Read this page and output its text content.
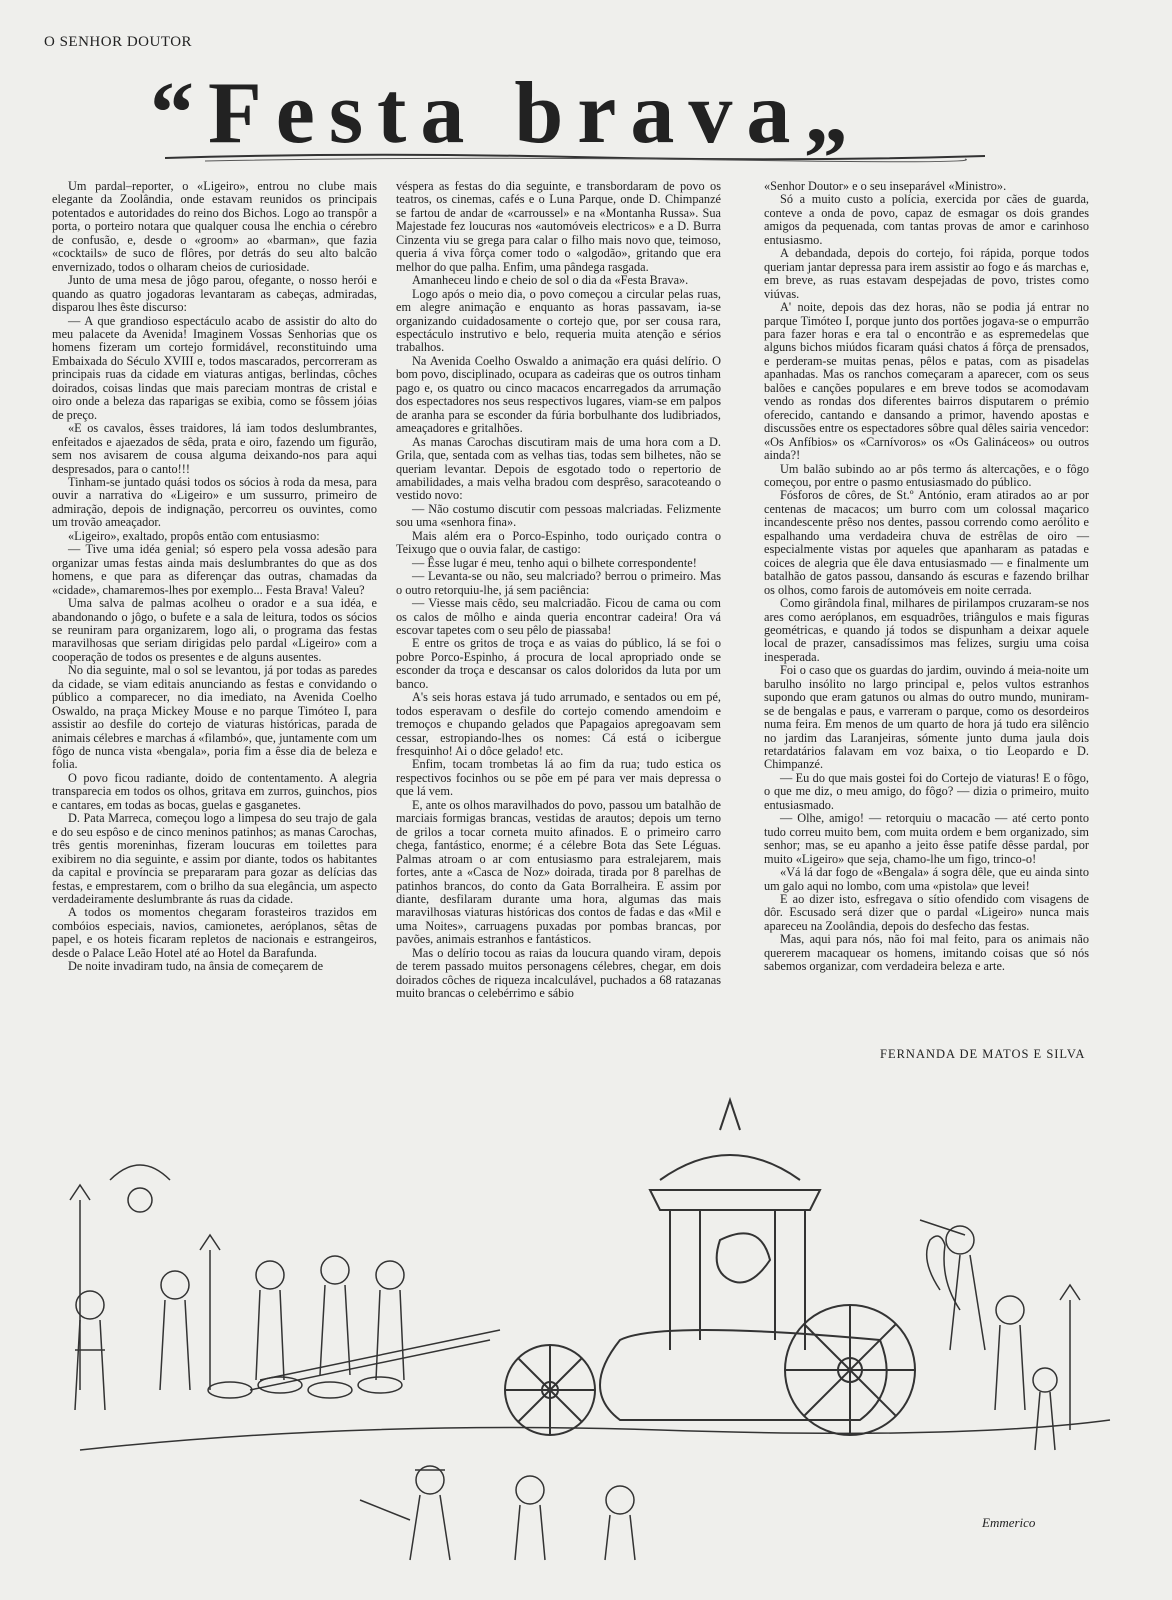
O SENHOR DOUTOR
“Festa brava„

Um pardal–reporter, o «Ligeiro», entrou no clube mais elegante da Zoolândia, onde estavam reunidos os principais potentados e autoridades do reino dos Bichos. Logo ao transpôr a porta, o porteiro notara que qualquer cousa lhe enchia o cérebro de confusão, e, desde o «groom» ao «barman», que fazia «cocktails» de suco de flôres, por detrás do seu alto balcão envernizado, todos o olharam cheios de curiosidade.

Junto de uma mesa de jôgo parou, ofegante, o nosso herói e quando as quatro jogadoras levantaram as cabeças, admiradas, disparou lhes êste discurso:

— A que grandioso espectáculo acabo de assistir do alto do meu palacete da Avenida! Imaginem Vossas Senhorias que os homens fizeram um cortejo formidável, reconstituindo uma Embaixada do Século XVIII e, todos mascarados, percorreram as principais ruas da cidade em viaturas antigas, berlindas, côches doirados, coisas lindas que mais pareciam montras de cristal e oiro onde a beleza das raparigas se exibia, como se fôssem jóias de preço.

«E os cavalos, êsses traidores, lá iam todos deslumbrantes, enfeitados e ajaezados de sêda, prata e oiro, fazendo um figurão, sem nos avisarem de cousa alguma deixando-nos para aqui despresados, para o canto!!!

Tinham-se juntado quási todos os sócios à roda da mesa, para ouvir a narrativa do «Ligeiro» e um sussurro, primeiro de admiração, depois de indignação, percorreu os ouvintes, como um trovão ameaçador.

«Ligeiro», exaltado, propôs então com entusiasmo:

— Tive uma idéa genial; só espero pela vossa adesão para organizar umas festas ainda mais deslumbrantes do que as dos homens, e que para as diferençar das outras, chamadas da «cidade», chamaremos-lhes por exemplo... Festa Brava! Valeu?

Uma salva de palmas acolheu o orador e a sua idéa, e abandonando o jôgo, o bufete e a sala de leitura, todos os sócios se reuniram para organizarem, logo ali, o programa das festas maravilhosas que seriam dirigidas pelo pardal «Ligeiro» com a cooperação de todos os presentes e de alguns ausentes.

No dia seguinte, mal o sol se levantou, já por todas as paredes da cidade, se viam editais anunciando as festas e convidando o público a comparecer, no dia imediato, na Avenida Coelho Oswaldo, na praça Mickey Mouse e no parque Timóteo I, para assistir ao desfile do cortejo de viaturas históricas, parada de animais célebres e marchas á «filambó», que, juntamente com um fôgo de nunca vista «bengala», poria fim a êsse dia de beleza e folia.

O povo ficou radiante, doido de contentamento. A alegria transparecia em todos os olhos, gritava em zurros, guinchos, pios e cantares, em todas as bocas, guelas e gasganetes.

D. Pata Marreca, começou logo a limpesa do seu trajo de gala e do seu espôso e de cinco meninos patinhos; as manas Carochas, três gentis moreninhas, fizeram loucuras em toilettes para exibirem no dia seguinte, e assim por diante, todos os habitantes da capital e província se prepararam para gozar as delícias das festas, e emprestarem, com o brilho da sua elegância, um aspecto verdadeiramente deslumbrante ás ruas da cidade.

A todos os momentos chegaram forasteiros trazidos em combóios especiais, navios, camionetes, aeróplanos, sêtas de papel, e os hoteis ficaram repletos de nacionais e estrangeiros, desde o Palace Leão Hotel até ao Hotel da Barafunda.

De noite invadiram tudo, na ânsia de começarem de

véspera as festas do dia seguinte, e transbordaram de povo os teatros, os cinemas, cafés e o Luna Parque, onde D. Chimpanzé se fartou de andar de «carroussel» e na «Montanha Russa». Sua Majestade fez loucuras nos «automóveis electricos» e a D. Burra Cinzenta viu se grega para calar o filho mais novo que, teimoso, queria á viva fôrça comer todo o «algodão», gritando que era melhor do que palha. Enfim, uma pândega rasgada.

Amanheceu lindo e cheio de sol o dia da «Festa Brava».

Logo após o meio dia, o povo começou a circular pelas ruas, em alegre animação e enquanto as horas passavam, ia-se organizando cuidadosamente o cortejo que, por ser cousa rara, espectáculo instrutivo e belo, requeria muita atenção e sérios trabalhos.

Na Avenida Coelho Oswaldo a animação era quási delírio. O bom povo, disciplinado, ocupara as cadeiras que os outros tinham pago e, os quatro ou cinco macacos encarregados da arrumação dos espectadores nos seus respectivos lugares, viam-se em palpos de aranha para se esconder da fúria borbulhante dos ludibriados, ameaçadores e gritalhões.

As manas Carochas discutiram mais de uma hora com a D. Grila, que, sentada com as velhas tias, todas sem bilhetes, não se queriam levantar. Depois de esgotado todo o repertorio de amabilidades, a mais velha bradou com desprêso, saracoteando o vestido novo:

— Não costumo discutir com pessoas malcriadas. Felizmente sou uma «senhora fina».

Mais além era o Porco-Espinho, todo ouriçado contra o Teixugo que o ouvia falar, de castigo:

— Êsse lugar é meu, tenho aqui o bilhete correspondente!

— Levanta-se ou não, seu malcriado? berrou o primeiro. Mas o outro retorquiu-lhe, já sem paciência:

— Viesse mais cêdo, seu malcriadão. Ficou de cama ou com os calos de môlho e ainda queria encontrar cadeira! Ora vá escovar tapetes com o seu pêlo de piassaba!

E entre os gritos de troça e as vaias do público, lá se foi o pobre Porco-Espinho, á procura de local apropriado onde se esconder da troça e descansar os calos doloridos da luta por um banco.

A's seis horas estava já tudo arrumado, e sentados ou em pé, todos esperavam o desfile do cortejo comendo amendoim e tremoços e chupando gelados que Papagaios apregoavam sem cessar, estropiando-lhes os nomes: Cá está o icibergue fresquinho! Ai o dôce gelado! etc.

Enfim, tocam trombetas lá ao fim da rua; tudo estica os respectivos focinhos ou se põe em pé para ver mais depressa o que lá vem.

E, ante os olhos maravilhados do povo, passou um batalhão de marciais formigas brancas, vestidas de arautos; depois um terno de grilos a tocar corneta muito afinados. E o primeiro carro chega, fantástico, enorme; é a célebre Bota das Sete Léguas. Palmas atroam o ar com entusiasmo para estralejarem, mais fortes, ante a «Casca de Noz» doirada, tirada por 8 parelhas de patinhos brancos, do conto da Gata Borralheira. E assim por diante, desfilaram durante uma hora, algumas das mais maravilhosas viaturas históricas dos contos de fadas e das «Mil e uma Noites», carruagens puxadas por pombas brancas, por pavões, animais estranhos e fantásticos.

Mas o delírio tocou as raias da loucura quando viram, depois de terem passado muitos personagens célebres, chegar, em dois doirados côches de riqueza incalculável, puchados a 68 ratazanas muito brancas o celebérrimo e sábio

«Senhor Doutor» e o seu inseparável «Ministro».

Só a muito custo a polícia, exercida por cães de guarda, conteve a onda de povo, capaz de esmagar os dois grandes amigos da pequenada, com tantas provas de amor e carinhoso entusiasmo.

A debandada, depois do cortejo, foi rápida, porque todos queriam jantar depressa para irem assistir ao fogo e ás marchas e, em breve, as ruas estavam despejadas de povo, tristes como viúvas.

A' noite, depois das dez horas, não se podia já entrar no parque Timóteo I, porque junto dos portões jogava-se o empurrão para fazer horas e era tal o encontrão e as espremedelas que alguns bichos miúdos ficaram quási chatos á fôrça de prensados, e perderam-se muitas penas, pêlos e patas, com as pisadelas apanhadas. Mas os ranchos começaram a aparecer, com os seus balões e canções populares e em breve todos se acomodavam vendo as rondas dos diferentes bairros disputarem o prémio oferecido, cantando e dansando a primor, havendo apostas e discussões entre os espectadores sôbre qual dêles sairia vencedor: «Os Anfíbios» os «Carnívoros» os «Os Galináceos» ou outros ainda?!

Um balão subindo ao ar pôs termo ás altercações, e o fôgo começou, por entre o pasmo entusiasmado do público.

Fósforos de côres, de St.º António, eram atirados ao ar por centenas de macacos; um burro com um colossal maçarico incandescente prêso nos dentes, passou correndo como aerólito e espalhando uma verdadeira chuva de estrêlas de oiro — especialmente vistas por aqueles que apanharam as patadas e coices de alegria que êle dava entusiasmado — e finalmente um batalhão de gatos passou, dansando ás escuras e fazendo brilhar os olhos, como farois de automóveis em noite cerrada.

Como girândola final, milhares de pirilampos cruzaram-se nos ares como aeróplanos, em esquadrões, triângulos e mais figuras geométricas, e quando já todos se dispunham a deixar aquele local de prazer, cansadíssimos mas felizes, surgiu uma coisa inesperada.

Foi o caso que os guardas do jardim, ouvindo á meia-noite um barulho insólito no largo principal e, pelos vultos estranhos supondo que eram gatunos ou almas do outro mundo, muniram-se de bengalas e paus, e varreram o parque, como os desordeiros numa feira. Em menos de um quarto de hora já tudo era silêncio no jardim das Laranjeiras, sómente junto duma jaula dois retardatários falavam em voz baixa, o tio Leopardo e D. Chimpanzé.

— Eu do que mais gostei foi do Cortejo de viaturas! E o fôgo, o que me diz, o meu amigo, do fôgo? — dizia o primeiro, muito entusiasmado.

— Olhe, amigo! — retorquiu o macacão — até certo ponto tudo correu muito bem, com muita ordem e bem organizado, sim senhor; mas, se eu apanho a jeito êsse patife dêsse pardal, por muito «Ligeiro» que seja, chamo-lhe um figo, trinco-o!

«Vá lá dar fogo de «Bengala» á sogra dêle, que eu ainda sinto um galo aqui no lombo, com uma «pistola» que levei!

E ao dizer isto, esfregava o sítio ofendido com visagens de dôr. Escusado será dizer que o pardal «Ligeiro» nunca mais apareceu na Zoolândia, depois do desfecho das festas.

Mas, aqui para nós, não foi mal feito, para os animais não quererem macaquear os homens, imitando coisas que só nós sabemos organizar, com verdadeira beleza e arte.

FERNANDA DE MATOS E SILVA
Emmerico
